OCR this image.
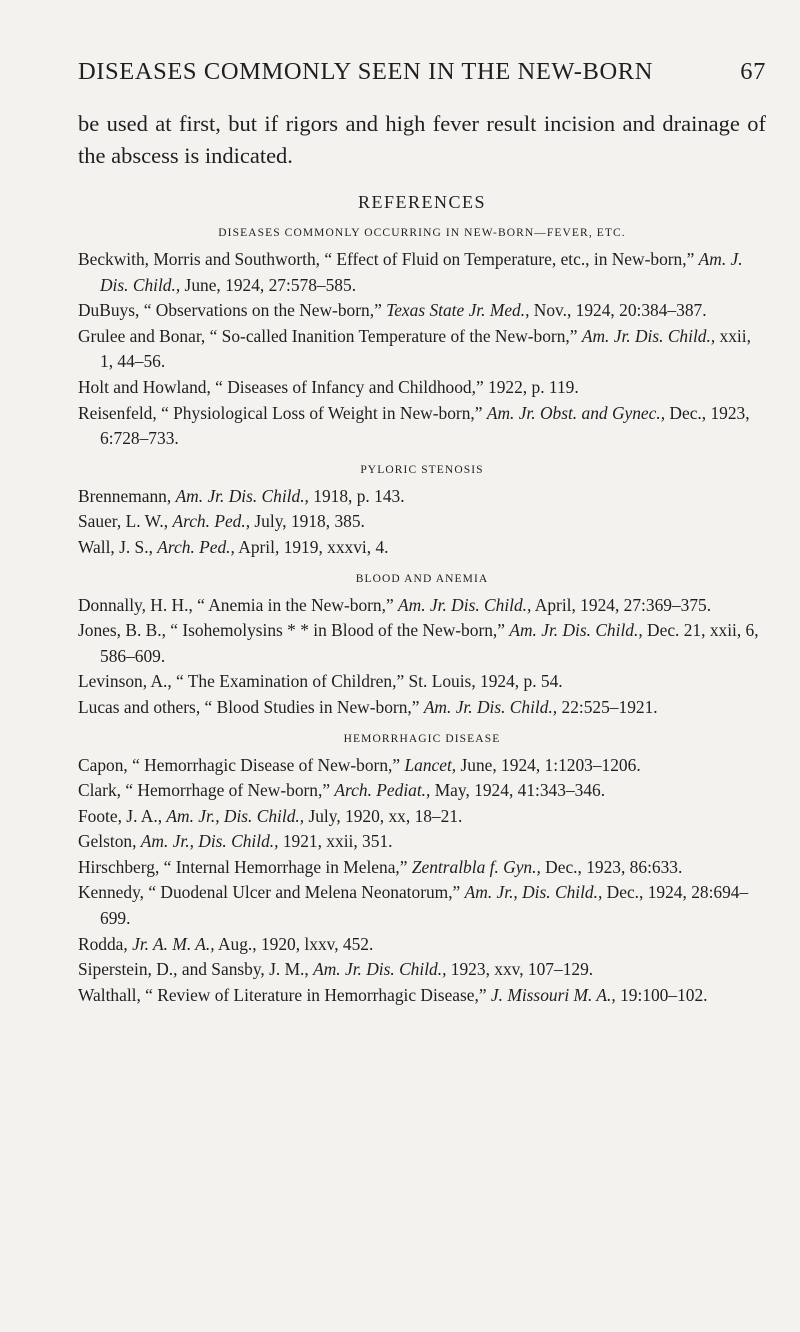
DISEASES COMMONLY SEEN IN THE NEW-BORN	67

be used at first, but if rigors and high fever result incision and drainage of the abscess is indicated.

REFERENCES
DISEASES COMMONLY OCCURRING IN NEW-BORN—FEVER, ETC.

Beckwith, Morris and Southworth, “ Effect of Fluid on Temperature, etc., in New-born,” Am. J. Dis. Child., June, 1924, 27:578–585.

DuBuys, “ Observations on the New-born,” Texas State Jr. Med., Nov., 1924, 20:384–387.

Grulee and Bonar, “ So-called Inanition Temperature of the New-born,” Am. Jr. Dis. Child., xxii, 1, 44–56.

Holt and Howland, “ Diseases of Infancy and Childhood,” 1922, p. 119.

Reisenfeld, “ Physiological Loss of Weight in New-born,” Am. Jr. Obst. and Gynec., Dec., 1923, 6:728–733.

PYLORIC STENOSIS

Brennemann, Am. Jr. Dis. Child., 1918, p. 143.

Sauer, L. W., Arch. Ped., July, 1918, 385.

Wall, J. S., Arch. Ped., April, 1919, xxxvi, 4.

BLOOD AND ANEMIA

Donnally, H. H., “ Anemia in the New-born,” Am. Jr. Dis. Child., April, 1924, 27:369–375.

Jones, B. B., “ Isohemolysins * * in Blood of the New-born,” Am. Jr. Dis. Child., Dec. 21, xxii, 6, 586–609.

Levinson, A., “ The Examination of Children,” St. Louis, 1924, p. 54.

Lucas and others, “ Blood Studies in New-born,” Am. Jr. Dis. Child., 22:525–1921.

HEMORRHAGIC DISEASE

Capon, “ Hemorrhagic Disease of New-born,” Lancet, June, 1924, 1:1203–1206.

Clark, “ Hemorrhage of New-born,” Arch. Pediat., May, 1924, 41:343–346.

Foote, J. A., Am. Jr., Dis. Child., July, 1920, xx, 18–21.

Gelston, Am. Jr., Dis. Child., 1921, xxii, 351.

Hirschberg, “ Internal Hemorrhage in Melena,” Zentralbla f. Gyn., Dec., 1923, 86:633.

Kennedy, “ Duodenal Ulcer and Melena Neonatorum,” Am. Jr., Dis. Child., Dec., 1924, 28:694–699.

Rodda, Jr. A. M. A., Aug., 1920, lxxv, 452.

Siperstein, D., and Sansby, J. M., Am. Jr. Dis. Child., 1923, xxv, 107–129.

Walthall, “ Review of Literature in Hemorrhagic Disease,” J. Missouri M. A., 19:100–102.
